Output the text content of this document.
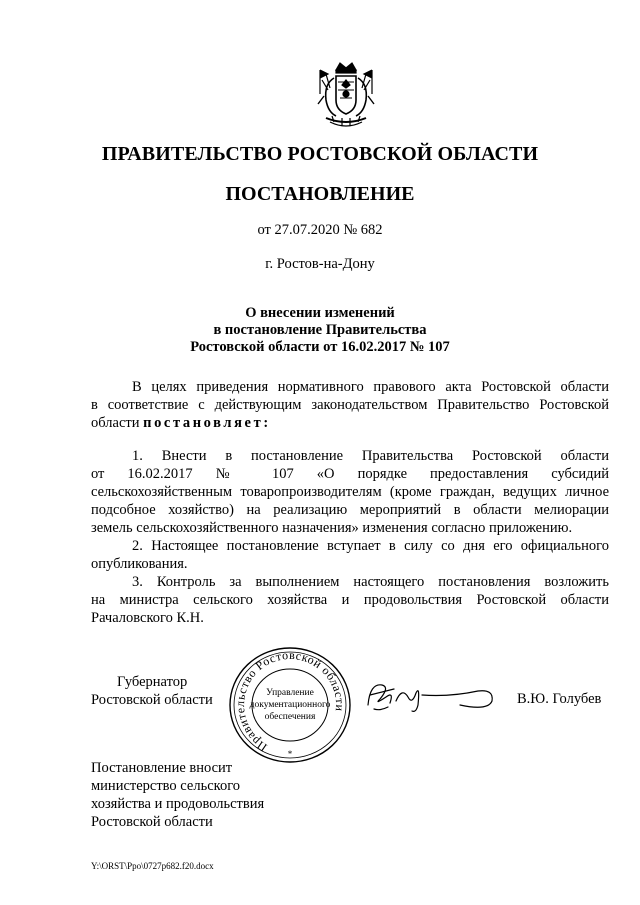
ПРАВИТЕЛЬСТВО РОСТОВСКОЙ ОБЛАСТИ
ПОСТАНОВЛЕНИЕ
от 27.07.2020 № 682
г. Ростов-на-Дону
О внесении изменений
в постановление Правительства
Ростовской области от 16.02.2017 № 107
В целях приведения нормативного правового акта Ростовской области
в соответствие с действующим законодательством Правительство Ростовской
области постановляет:
1. Внести в постановление Правительства Ростовской области
от 16.02.2017 № 107 «О порядке предоставления субсидий
сельскохозяйственным товаропроизводителям (кроме граждан, ведущих личное
подсобное хозяйство) на реализацию мероприятий в области мелиорации
земель сельскохозяйственного назначения» изменения согласно приложению.
2. Настоящее постановление вступает в силу со дня его официального
опубликования.
3. Контроль за выполнением настоящего постановления возложить
на министра сельского хозяйства и продовольствия Ростовской области
Рачаловского К.Н.
Губернатор
Ростовской области
Правительство Ростовской области
Управление
документационного
обеспечения
*
В.Ю. Голубев
Постановление вносит
министерство сельского
хозяйства и продовольствия
Ростовской области
Y:\ORST\Ppo\0727p682.f20.docx
